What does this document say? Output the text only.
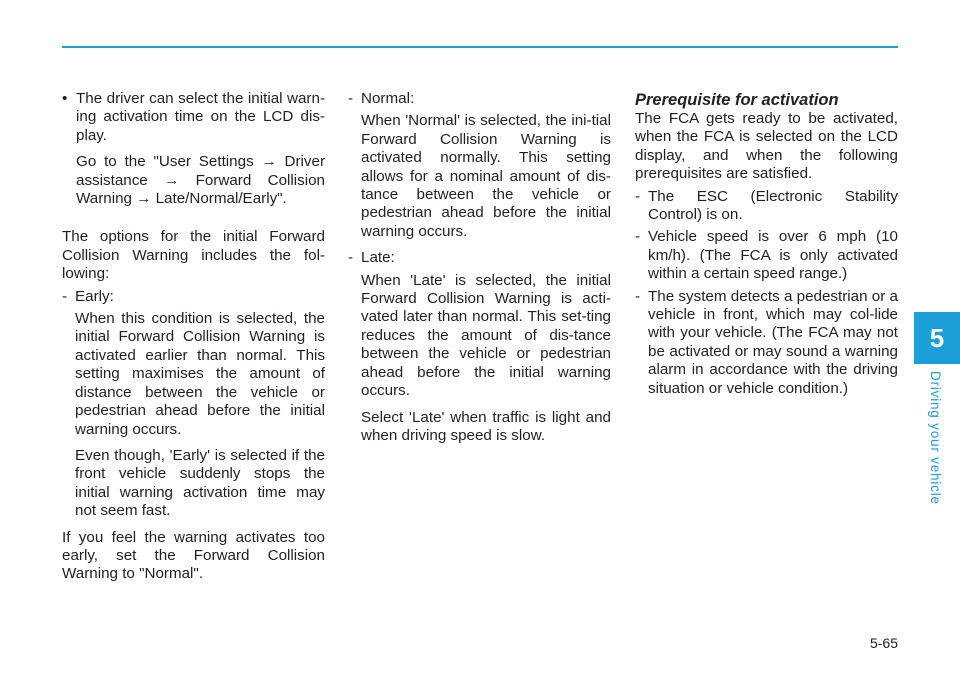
• The driver can select the initial warn-ing activation time on the LCD dis-play.

Go to the "User Settings → Driver assistance → Forward Collision Warning → Late/Normal/Early".

The options for the initial Forward Collision Warning includes the fol-lowing:

- Early:

When this condition is selected, the initial Forward Collision Warning is activated earlier than normal. This setting maximises the amount of distance between the vehicle or pedestrian ahead before the initial warning occurs.

Even though, 'Early' is selected if the front vehicle suddenly stops the initial warning activation time may not seem fast.

If you feel the warning activates too early, set the Forward Collision Warning to "Normal".

- Normal:

When 'Normal' is selected, the ini-tial Forward Collision Warning is activated normally. This setting allows for a nominal amount of dis-tance between the vehicle or pedestrian ahead before the initial warning occurs.

- Late:

When 'Late' is selected, the initial Forward Collision Warning is acti-vated later than normal. This set-ting reduces the amount of dis-tance between the vehicle or pedestrian ahead before the initial warning occurs.

Select 'Late' when traffic is light and when driving speed is slow.

Prerequisite for activation

The FCA gets ready to be activated, when the FCA is selected on the LCD display, and when the following prerequisites are satisfied.

- The ESC (Electronic Stability Control) is on.

- Vehicle speed is over 6 mph (10 km/h). (The FCA is only activated within a certain speed range.)

- The system detects a pedestrian or a vehicle in front, which may col-lide with your vehicle. (The FCA may not be activated or may sound a warning alarm in accordance with the driving situation or vehicle condition.)

5
Driving your vehicle
5-65
